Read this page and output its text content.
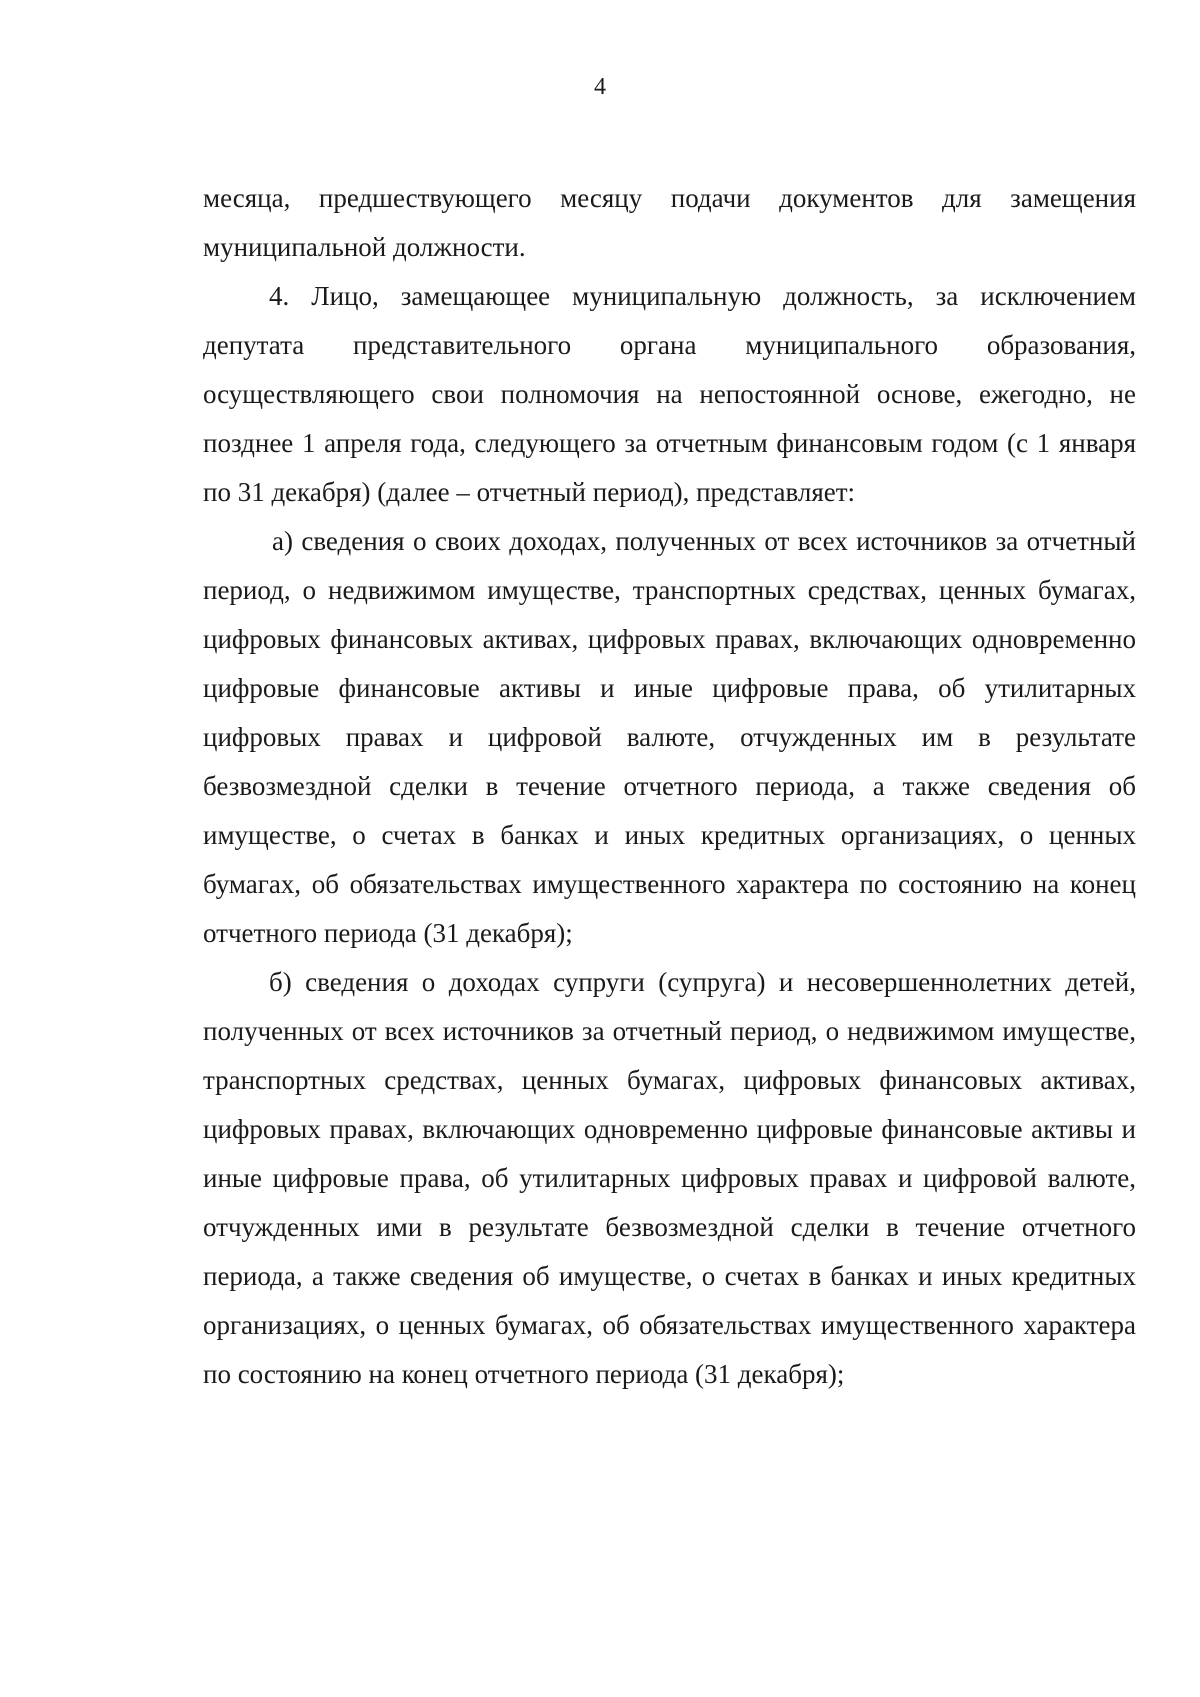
4

месяца, предшествующего месяцу подачи документов для замещения муниципальной должности.

4. Лицо, замещающее муниципальную должность, за исключением депутата представительного органа муниципального образования, осуществляющего свои полномочия на непостоянной основе, ежегодно, не позднее 1 апреля года, следующего за отчетным финансовым годом (с 1 января по 31 декабря) (далее – отчетный период), представляет:

а) сведения о своих доходах, полученных от всех источников за отчетный период, о недвижимом имуществе, транспортных средствах, ценных бумагах, цифровых финансовых активах, цифровых правах, включающих одновременно цифровые финансовые активы и иные цифровые права, об утилитарных цифровых правах и цифровой валюте, отчужденных им в результате безвозмездной сделки в течение отчетного периода, а также сведения об имуществе, о счетах в банках и иных кредитных организациях, о ценных бумагах, об обязательствах имущественного характера по состоянию на конец отчетного периода (31 декабря);

б) сведения о доходах супруги (супруга) и несовершеннолетних детей, полученных от всех источников за отчетный период, о недвижимом имуществе, транспортных средствах, ценных бумагах, цифровых финансовых активах, цифровых правах, включающих одновременно цифровые финансовые активы и иные цифровые права, об утилитарных цифровых правах и цифровой валюте, отчужденных ими в результате безвозмездной сделки в течение отчетного периода, а также сведения об имуществе, о счетах в банках и иных кредитных организациях, о ценных бумагах, об обязательствах имущественного характера по состоянию на конец отчетного периода (31 декабря);
